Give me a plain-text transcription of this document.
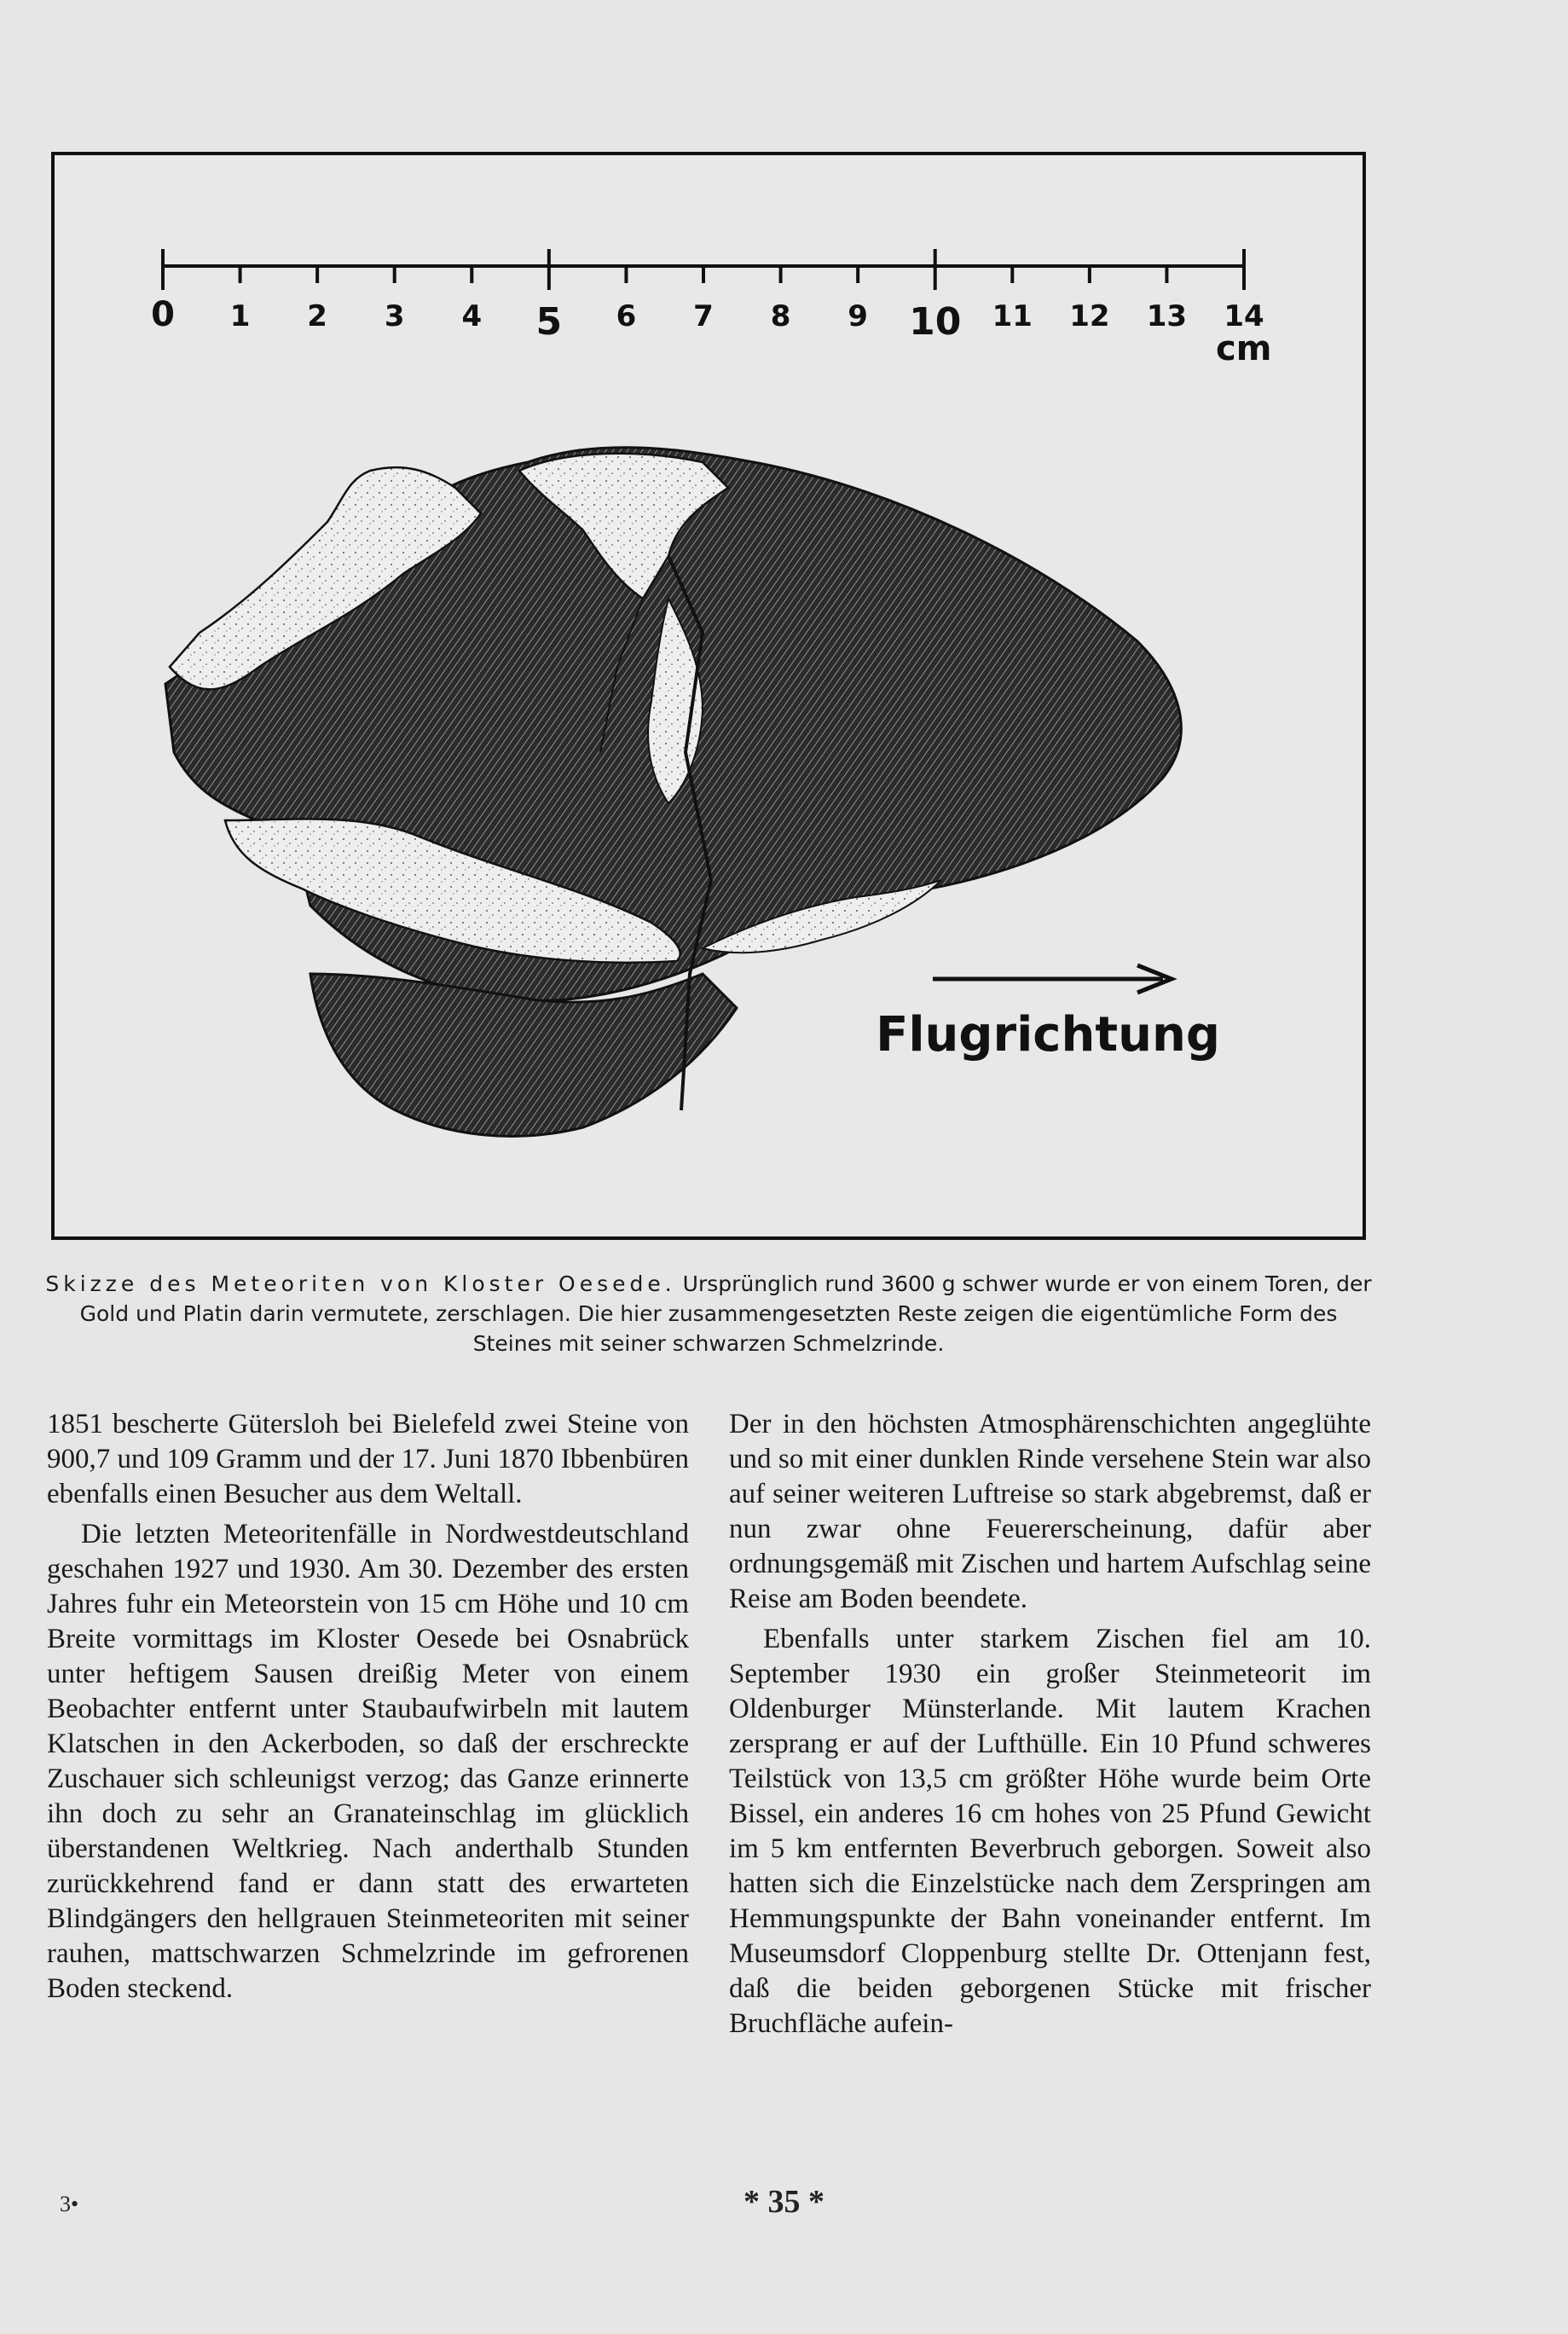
0 1 2 3 4 5 6 7 8 9 10 11 12 13 14
cm
Flugrichtung
Skizze des Meteoriten von Kloster Oesede. Ursprünglich rund 3600 g schwer wurde er von einem Toren, der Gold und Platin darin vermutete, zerschlagen. Die hier zusammengesetzten Reste zeigen die eigentümliche Form des Steines mit seiner schwarzen Schmelzrinde.

1851 bescherte Gütersloh bei Bielefeld zwei Steine von 900,7 und 109 Gramm und der 17. Juni 1870 Ibbenbüren ebenfalls einen Besucher aus dem Weltall.

Die letzten Meteoritenfälle in Nordwestdeutschland geschahen 1927 und 1930. Am 30. Dezember des ersten Jahres fuhr ein Meteorstein von 15 cm Höhe und 10 cm Breite vormittags im Kloster Oesede bei Osnabrück unter heftigem Sausen dreißig Meter von einem Beobachter entfernt unter Staubaufwirbeln mit lautem Klatschen in den Ackerboden, so daß der erschreckte Zuschauer sich schleunigst verzog; das Ganze erinnerte ihn doch zu sehr an Granateinschlag im glücklich überstandenen Weltkrieg. Nach anderthalb Stunden zurückkehrend fand er dann statt des erwarteten Blindgängers den hellgrauen Steinmeteoriten mit seiner rauhen, mattschwarzen Schmelzrinde im gefrorenen Boden steckend.

Der in den höchsten Atmosphärenschichten angeglühte und so mit einer dunklen Rinde versehene Stein war also auf seiner weiteren Luftreise so stark abgebremst, daß er nun zwar ohne Feuererscheinung, dafür aber ordnungsgemäß mit Zischen und hartem Aufschlag seine Reise am Boden beendete.

Ebenfalls unter starkem Zischen fiel am 10. September 1930 ein großer Steinmeteorit im Oldenburger Münsterlande. Mit lautem Krachen zersprang er auf der Lufthülle. Ein 10 Pfund schweres Teilstück von 13,5 cm größter Höhe wurde beim Orte Bissel, ein anderes 16 cm hohes von 25 Pfund Gewicht im 5 km entfernten Beverbruch geborgen. Soweit also hatten sich die Einzelstücke nach dem Zerspringen am Hemmungspunkte der Bahn voneinander entfernt. Im Museumsdorf Cloppenburg stellte Dr. Ottenjann fest, daß die beiden geborgenen Stücke mit frischer Bruchfläche aufein-

3•	* 35 *
